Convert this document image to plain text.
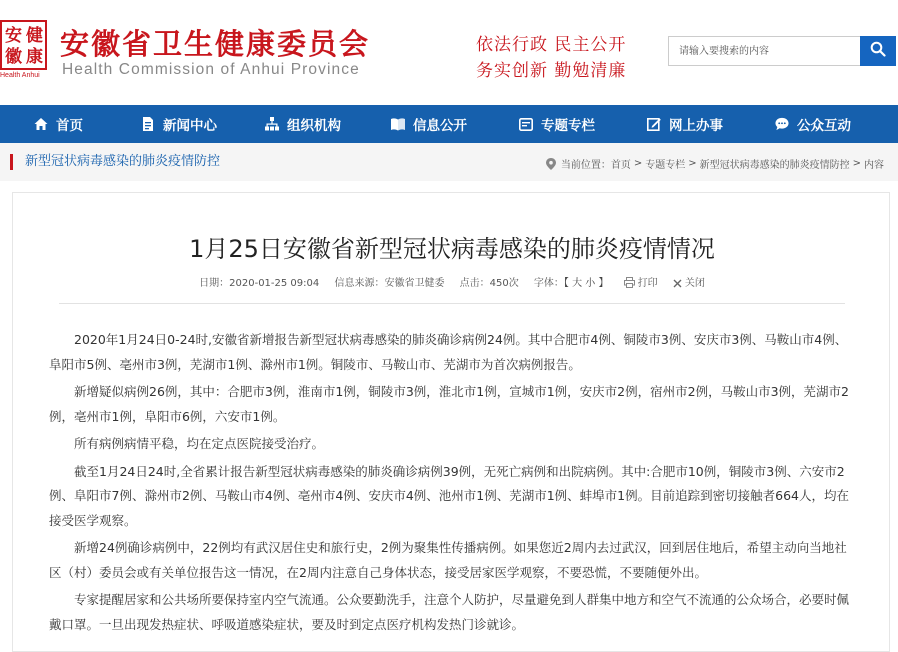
安 健
徽 康
Health Anhui
安徽省卫生健康委员会
Health Commission of Anhui Province
依法行政 民主公开
务实创新 勤勉清廉
请输入要搜索的内容
首页	新闻中心	组织机构	信息公开	专题专栏	网上办事	公众互动
新型冠状病毒感染的肺炎疫情防控	当前位置： 首页 > 专题专栏 > 新型冠状病毒感染的肺炎疫情防控 > 内容
1月25日安徽省新型冠状病毒感染的肺炎疫情情况
日期：2020-01-25 09:04 信息来源：安徽省卫健委 点击：450次 字体：【 大 小 】	打印	关闭

2020年1月24日0-24时,安徽省新增报告新型冠状病毒感染的肺炎确诊病例24例。其中合肥市4例、铜陵市3例、安庆市3例、马鞍山市4例、阜阳市5例、亳州市3例，芜湖市1例、滁州市1例。铜陵市、马鞍山市、芜湖市为首次病例报告。

新增疑似病例26例，其中：合肥市3例，淮南市1例，铜陵市3例，淮北市1例，宣城市1例，安庆市2例，宿州市2例，马鞍山市3例，芜湖市2例，亳州市1例，阜阳市6例，六安市1例。

所有病例病情平稳，均在定点医院接受治疗。

截至1月24日24时,全省累计报告新型冠状病毒感染的肺炎确诊病例39例，无死亡病例和出院病例。其中:合肥市10例，铜陵市3例、六安市2例、阜阳市7例、滁州市2例、马鞍山市4例、亳州市4例、安庆市4例、池州市1例、芜湖市1例、蚌埠市1例。目前追踪到密切接触者664人，均在接受医学观察。

新增24例确诊病例中，22例均有武汉居住史和旅行史，2例为聚集性传播病例。如果您近2周内去过武汉，回到居住地后，希望主动向当地社区（村）委员会或有关单位报告这一情况，在2周内注意自己身体状态，接受居家医学观察，不要恐慌，不要随便外出。

专家提醒居家和公共场所要保持室内空气流通。公众要勤洗手，注意个人防护，尽量避免到人群集中地方和空气不流通的公众场合，必要时佩戴口罩。一旦出现发热症状、呼吸道感染症状，要及时到定点医疗机构发热门诊就诊。
